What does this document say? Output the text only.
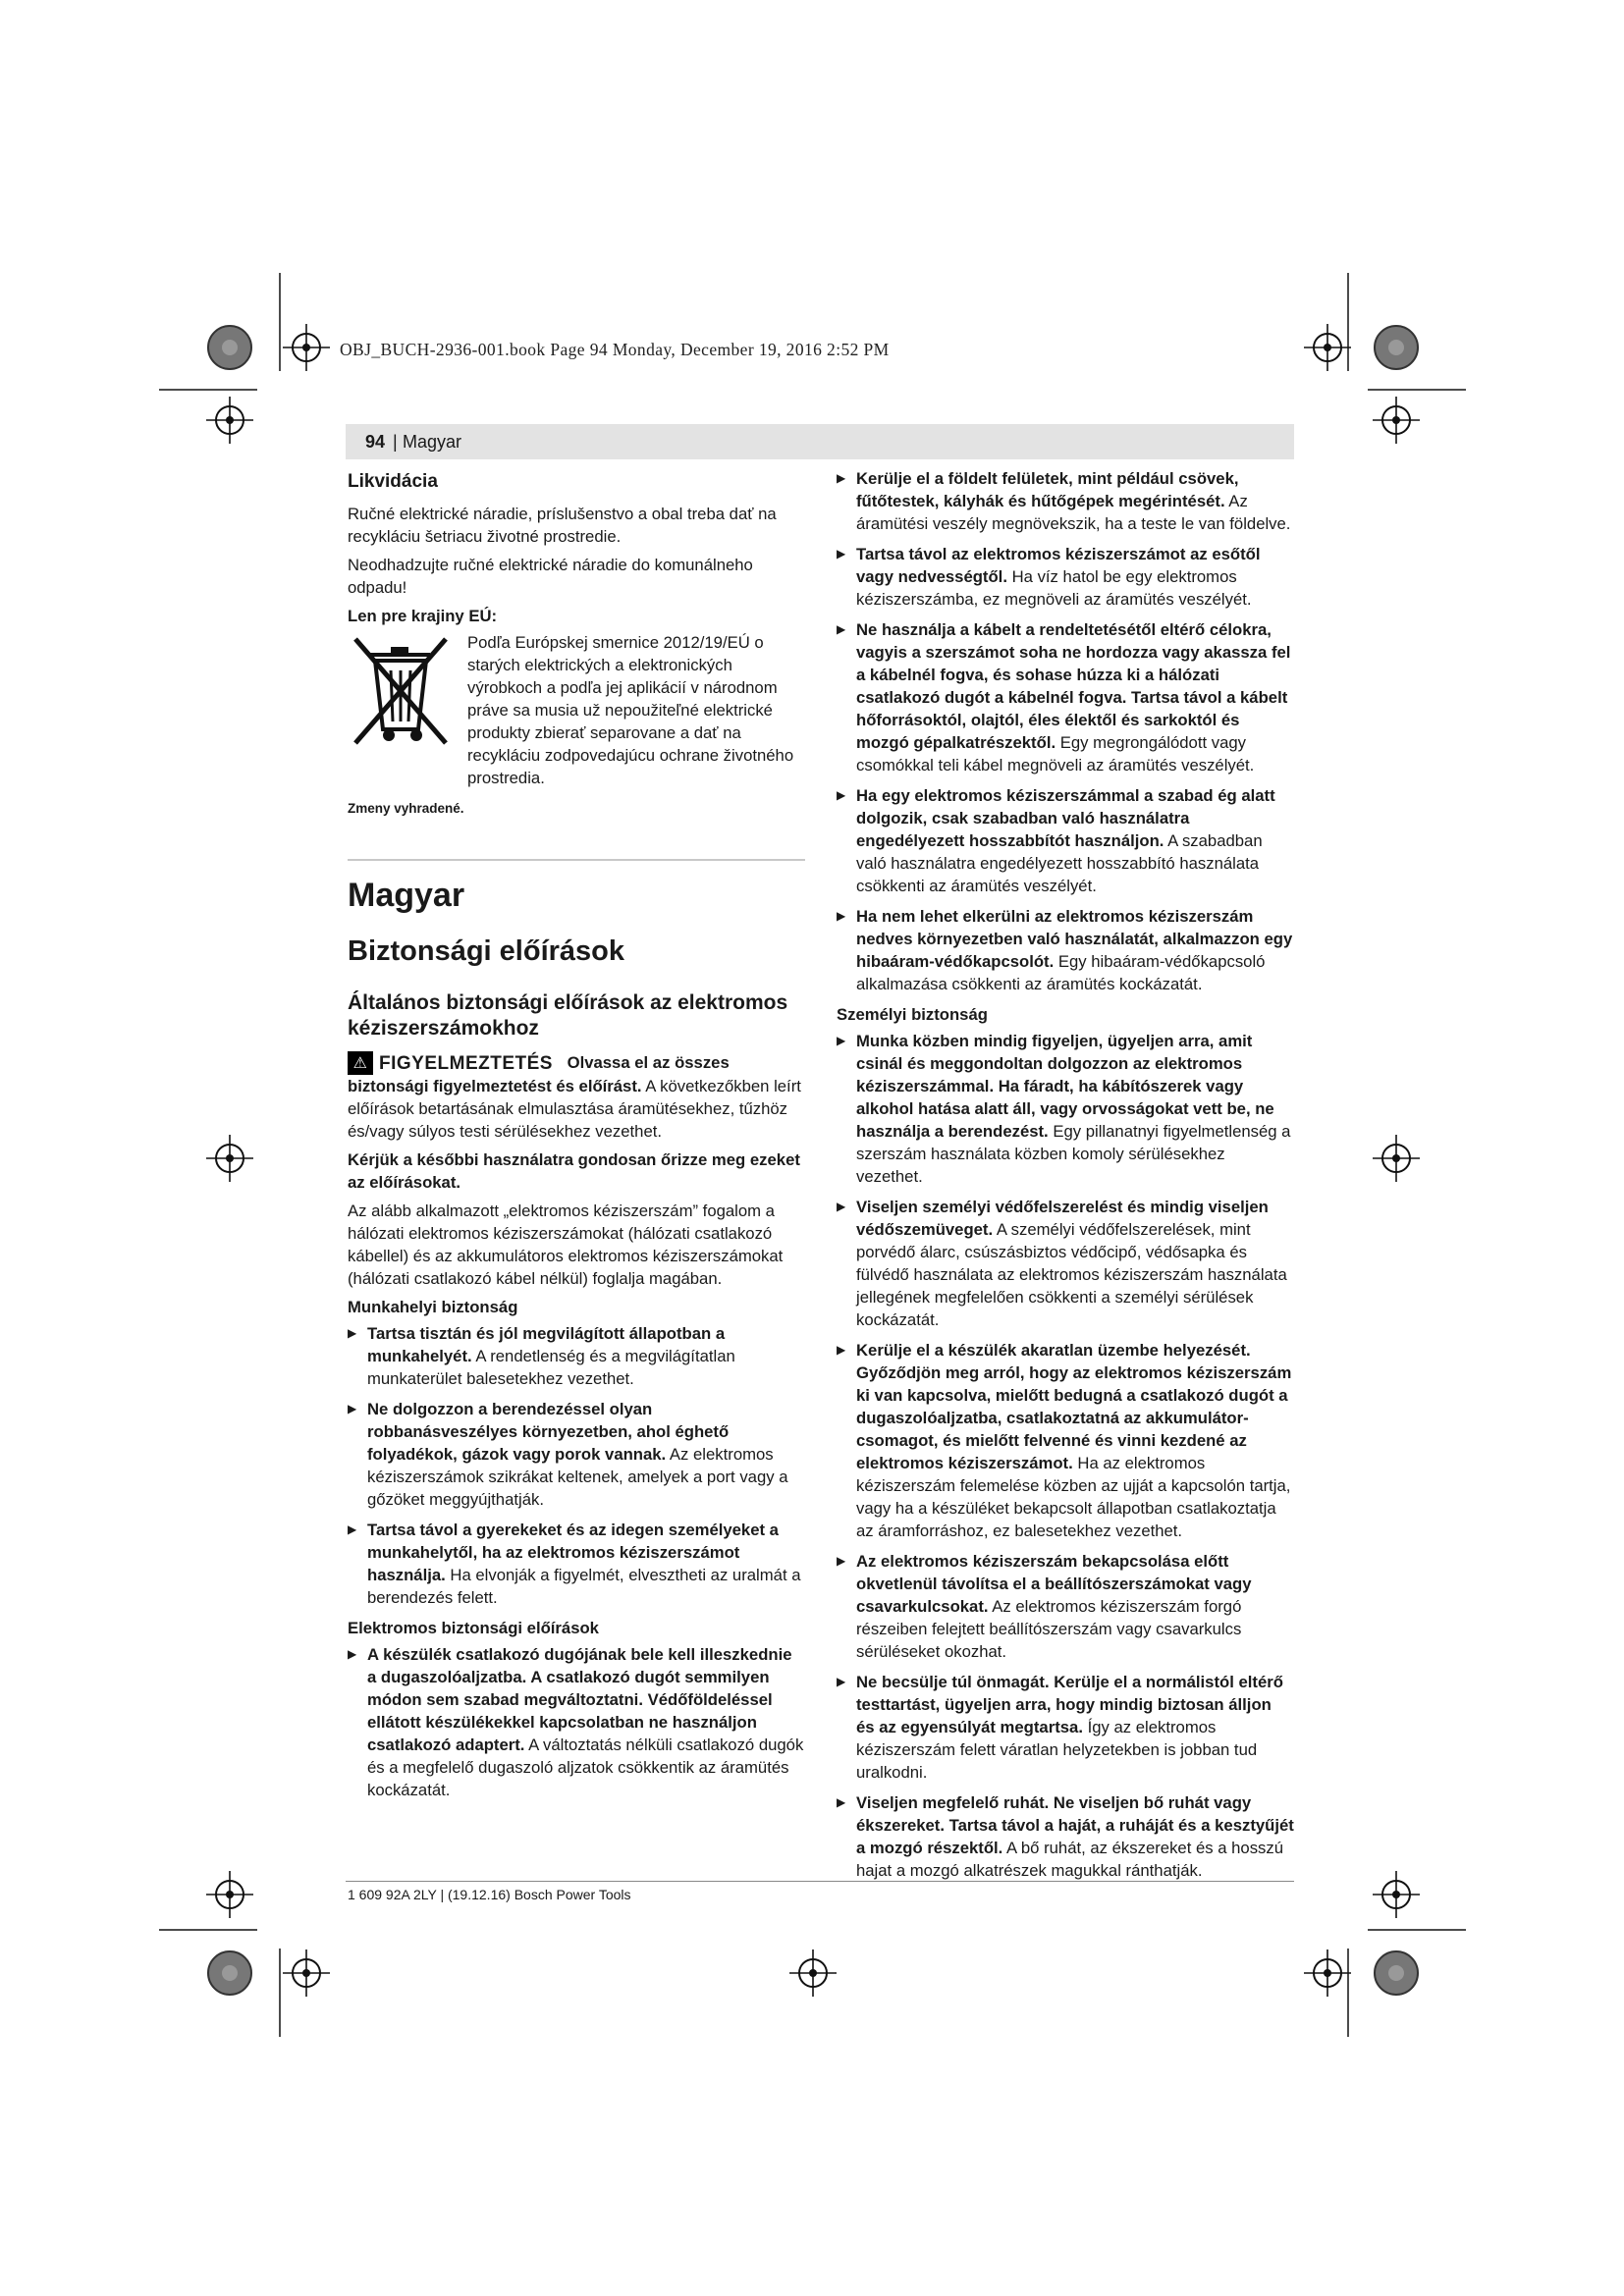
OBJ_BUCH-2936-001.book Page 94 Monday, December 19, 2016 2:52 PM
94 | Magyar
Likvidácia

Ručné elektrické náradie, príslušenstvo a obal treba dať na recykláciu šetriacu životné prostredie.

Neodhadzujte ručné elektrické náradie do komunálneho odpadu!

Len pre krajiny EÚ:
Podľa Európskej smernice 2012/19/EÚ o starých elektrických a elektronických výrobkoch a podľa jej aplikácií v národnom práve sa musia už nepoužiteľné elektrické produkty zbierať separovane a dať na recykláciu zodpovedajúcu ochrane životného prostredia.
Zmeny vyhradené.
Magyar
Biztonsági előírások
Általános biztonsági előírások az elektromos kéziszerszámokhoz

⚠ FIGYELMEZTETÉS Olvassa el az összes biztonsági figyelmeztetést és előírást. A következőkben leírt előírások betartásának elmulasztása áramütésekhez, tűzhöz és/vagy súlyos testi sérülésekhez vezethet.

Kérjük a későbbi használatra gondosan őrizze meg ezeket az előírásokat.

Az alább alkalmazott „elektromos kéziszerszám” fogalom a hálózati elektromos kéziszerszámokat (hálózati csatlakozó kábellel) és az akkumulátoros elektromos kéziszerszámokat (hálózati csatlakozó kábel nélkül) foglalja magában.

Munkahelyi biztonság
▶ Tartsa tisztán és jól megvilágított állapotban a munkahelyét. A rendetlenség és a megvilágítatlan munkaterület balesetekhez vezethet.
▶ Ne dolgozzon a berendezéssel olyan robbanásveszélyes környezetben, ahol éghető folyadékok, gázok vagy porok vannak. Az elektromos kéziszerszámok szikrákat keltenek, amelyek a port vagy a gőzöket meggyújthatják.
▶ Tartsa távol a gyerekeket és az idegen személyeket a munkahelytől, ha az elektromos kéziszerszámot használja. Ha elvonják a figyelmét, elvesztheti az uralmát a berendezés felett.
Elektromos biztonsági előírások
▶ A készülék csatlakozó dugójának bele kell illeszkednie a dugaszolóaljzatba. A csatlakozó dugót semmilyen módon sem szabad megváltoztatni. Védőföldeléssel ellátott készülékekkel kapcsolatban ne használjon csatlakozó adaptert. A változtatás nélküli csatlakozó dugók és a megfelelő dugaszoló aljzatok csökkentik az áramütés kockázatát.
▶ Kerülje el a földelt felületek, mint például csövek, fűtőtestek, kályhák és hűtőgépek megérintését. Az áramütési veszély megnövekszik, ha a teste le van földelve.
▶ Tartsa távol az elektromos kéziszerszámot az esőtől vagy nedvességtől. Ha víz hatol be egy elektromos kéziszerszámba, ez megnöveli az áramütés veszélyét.
▶ Ne használja a kábelt a rendeltetésétől eltérő célokra, vagyis a szerszámot soha ne hordozza vagy akassza fel a kábelnél fogva, és sohase húzza ki a hálózati csatlakozó dugót a kábelnél fogva. Tartsa távol a kábelt hőforrásoktól, olajtól, éles élektől és sarkoktól és mozgó gépalkatrészektől. Egy megrongálódott vagy csomókkal teli kábel megnöveli az áramütés veszélyét.
▶ Ha egy elektromos kéziszerszámmal a szabad ég alatt dolgozik, csak szabadban való használatra engedélyezett hosszabbítót használjon. A szabadban való használatra engedélyezett hosszabbító használata csökkenti az áramütés veszélyét.
▶ Ha nem lehet elkerülni az elektromos kéziszerszám nedves környezetben való használatát, alkalmazzon egy hibaáram-védőkapcsolót. Egy hibaáram-védőkapcsoló alkalmazása csökkenti az áramütés kockázatát.
Személyi biztonság
▶ Munka közben mindig figyeljen, ügyeljen arra, amit csinál és meggondoltan dolgozzon az elektromos kéziszerszámmal. Ha fáradt, ha kábítószerek vagy alkohol hatása alatt áll, vagy orvosságokat vett be, ne használja a berendezést. Egy pillanatnyi figyelmetlenség a szerszám használata közben komoly sérülésekhez vezethet.
▶ Viseljen személyi védőfelszerelést és mindig viseljen védőszemüveget. A személyi védőfelszerelések, mint porvédő álarc, csúszásbiztos védőcipő, védősapka és fülvédő használata az elektromos kéziszerszám használata jellegének megfelelően csökkenti a személyi sérülések kockázatát.
▶ Kerülje el a készülék akaratlan üzembe helyezését. Győződjön meg arról, hogy az elektromos kéziszerszám ki van kapcsolva, mielőtt bedugná a csatlakozó dugót a dugaszolóaljzatba, csatlakoztatná az akkumulátor-csomagot, és mielőtt felvenné és vinni kezdené az elektromos kéziszerszámot. Ha az elektromos kéziszerszám felemelése közben az ujját a kapcsolón tartja, vagy ha a készüléket bekapcsolt állapotban csatlakoztatja az áramforráshoz, ez balesetekhez vezethet.
▶ Az elektromos kéziszerszám bekapcsolása előtt okvetlenül távolítsa el a beállítószerszámokat vagy csavarkulcsokat. Az elektromos kéziszerszám forgó részeiben felejtett beállítószerszám vagy csavarkulcs sérüléseket okozhat.
▶ Ne becsülje túl önmagát. Kerülje el a normálistól eltérő testtartást, ügyeljen arra, hogy mindig biztosan álljon és az egyensúlyát megtartsa. Így az elektromos kéziszerszám felett váratlan helyzetekben is jobban tud uralkodni.
▶ Viseljen megfelelő ruhát. Ne viseljen bő ruhát vagy ékszereket. Tartsa távol a haját, a ruháját és a kesztyűjét a mozgó részektől. A bő ruhát, az ékszereket és a hosszú hajat a mozgó alkatrészek magukkal ránthatják.
1 609 92A 2LY | (19.12.16) Bosch Power Tools
